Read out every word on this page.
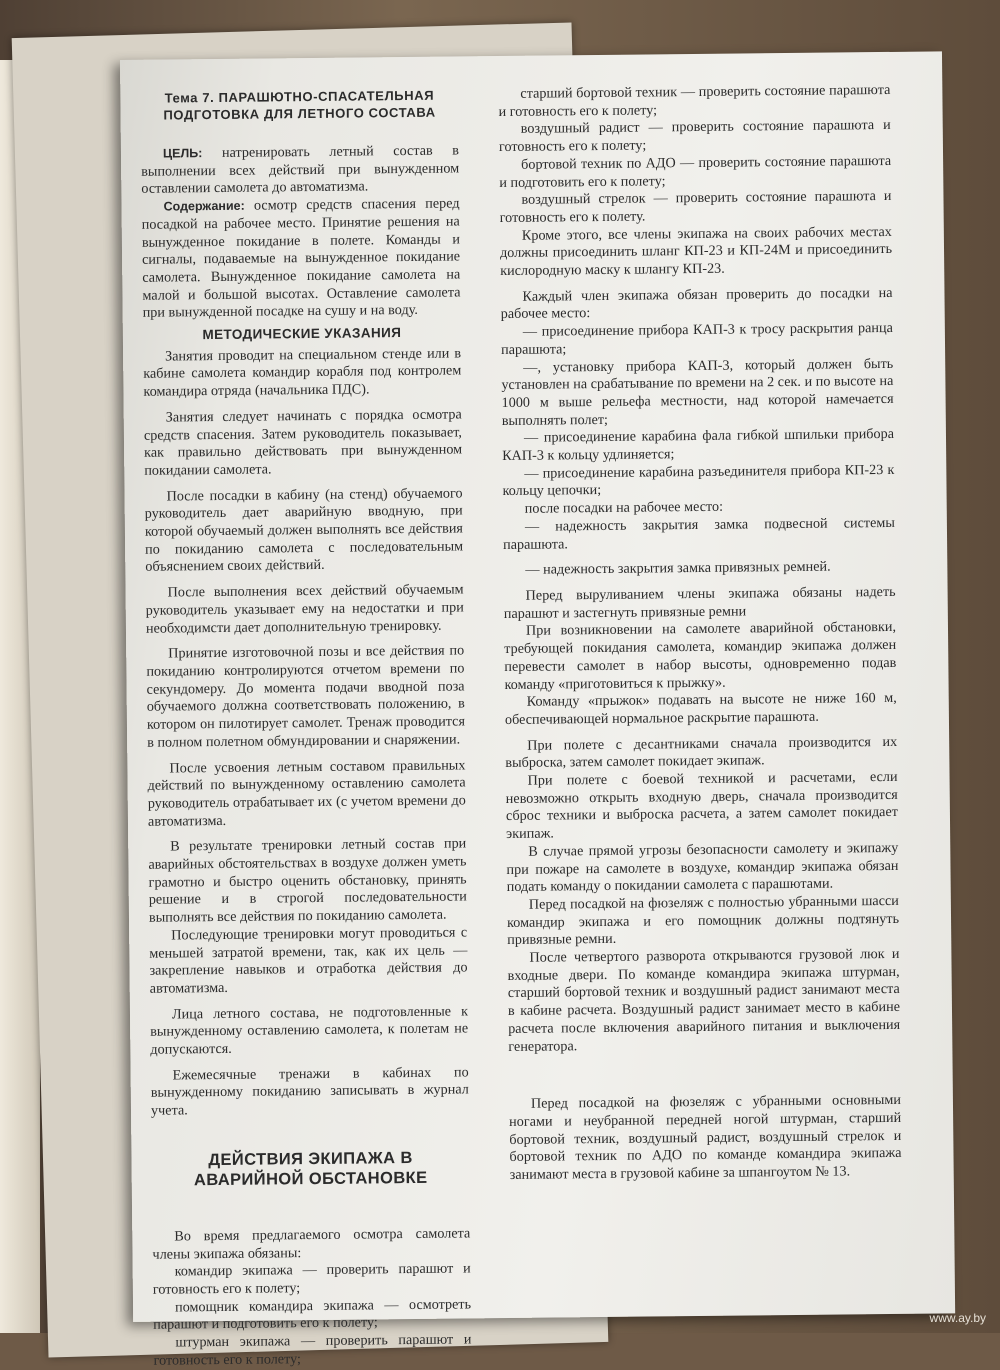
Тема 7. ПАРАШЮТНО-СПАСАТЕЛЬНАЯ ПОДГОТОВКА ДЛЯ ЛЕТНОГО СОСТАВА

ЦЕЛЬ: натренировать летный состав в выполнении всех действий при вынужденном оставлении самолета до автоматизма.

Содержание: осмотр средств спасения перед посадкой на рабочее место. Принятие решения на вынужденное покидание в полете. Команды и сигналы, подаваемые на вынужденное покидание самолета. Вынужденное покидание самолета на малой и большой высотах. Оставление самолета при вынужденной посадке на сушу и на воду.

МЕТОДИЧЕСКИЕ УКАЗАНИЯ

Занятия проводит на специальном стенде или в кабине самолета командир корабля под контролем командира отряда (начальника ПДС).

Занятия следует начинать с порядка осмотра средств спасения. Затем руководитель показывает, как правильно действовать при вынужденном покидании самолета.

После посадки в кабину (на стенд) обучаемого руководитель дает аварийную вводную, при которой обучаемый должен выполнять все действия по покиданию самолета с последовательным объяснением своих действий.

После выполнения всех действий обучаемым руководитель указывает ему на недостатки и при необходимсти дает дополнительную тренировку.

Принятие изготовочной позы и все действия по покиданию контролируются отчетом времени по секундомеру. До момента подачи вводной поза обучаемого должна соответствовать положению, в котором он пилотирует самолет. Тренаж проводится в полном полетном обмундировании и снаряжении.

После усвоения летным составом правильных действий по вынужденному оставлению самолета руководитель отрабатывает их (с учетом времени до автоматизма.

В результате тренировки летный состав при аварийных обстоятельствах в воздухе должен уметь грамотно и быстро оценить обстановку, принять решение и в строгой последовательности выполнять все действия по покиданию самолета.

Последующие тренировки могут проводиться с меньшей затратой времени, так, как их цель — закрепление навыков и отработка действия до автоматизма.

Лица летного состава, не подготовленные к вынужденному оставлению самолета, к полетам не допускаются.

Ежемесячные тренажи в кабинах по вынужденному покиданию записывать в журнал учета.

ДЕЙСТВИЯ ЭКИПАЖА В АВАРИЙНОЙ ОБСТАНОВКЕ

Во время предлагаемого осмотра самолета члены экипажа обязаны:

командир экипажа — проверить парашют и готовность его к полету;

помощник командира экипажа — осмотреть парашют и подготовить его к полету;

штурман экипажа — проверить парашют и готовность его к полету;

старший бортовой техник — проверить состояние парашюта и готовность его к полету;

воздушный радист — проверить состояние парашюта и готовность его к полету;

бортовой техник по АДО — проверить состояние парашюта и подготовить его к полету;

воздушный стрелок — проверить состояние парашюта и готовность его к полету.

Кроме этого, все члены экипажа на своих рабочих местах должны присоединить шланг КП-23 и КП-24М и присоединить кислородную маску к шлангу КП-23.

Каждый член экипажа обязан проверить до посадки на рабочее место:

— присоединение прибора КАП-3 к тросу раскрытия ранца парашюта;

—, установку прибора КАП-3, который должен быть установлен на срабатывание по времени на 2 сек. и по высоте на 1000 м выше рельефа местности, над которой намечается выполнять полет;

— присоединение карабина фала гибкой шпильки прибора КАП-3 к кольцу удлиняется;

— присоединение карабина разъединителя прибора КП-23 к кольцу цепочки;

после посадки на рабочее место:

— надежность закрытия замка подвесной системы парашюта.

— надежность закрытия замка привязных ремней.

Перед выруливанием члены экипажа обязаны надеть парашют и застегнуть привязные ремни

При возникновении на самолете аварийной обстановки, требующей покидания самолета, командир экипажа должен перевести самолет в набор высоты, одновременно подав команду «приготовиться к прыжку».

Команду «прыжок» подавать на высоте не ниже 160 м, обеспечивающей нормальное раскрытие парашюта.

При полете с десантниками сначала производится их выброска, затем самолет покидает экипаж.

При полете с боевой техникой и расчетами, если невозможно открыть входную дверь, сначала производится сброс техники и выброска расчета, а затем самолет покидает экипаж.

В случае прямой угрозы безопасности самолету и экипажу при пожаре на самолете в воздухе, командир экипажа обязан подать команду о покидании самолета с парашютами.

Перед посадкой на фюзеляж с полностью убранными шасси командир экипажа и его помощник должны подтянуть привязные ремни.

После четвертого разворота открываются грузовой люк и входные двери. По команде командира экипажа штурман, старший бортовой техник и воздушный радист занимают места в кабине расчета. Воздушный радист занимает место в кабине расчета после включения аварийного питания и выключения генератора.

Перед посадкой на фюзеляж с убранными основными ногами и неубранной передней ногой штурман, старший бортовой техник, воздушный радист, воздушный стрелок и бортовой техник по АДО по команде командира экипажа занимают места в грузовой кабине за шпангоутом № 13.

www.ay.by
